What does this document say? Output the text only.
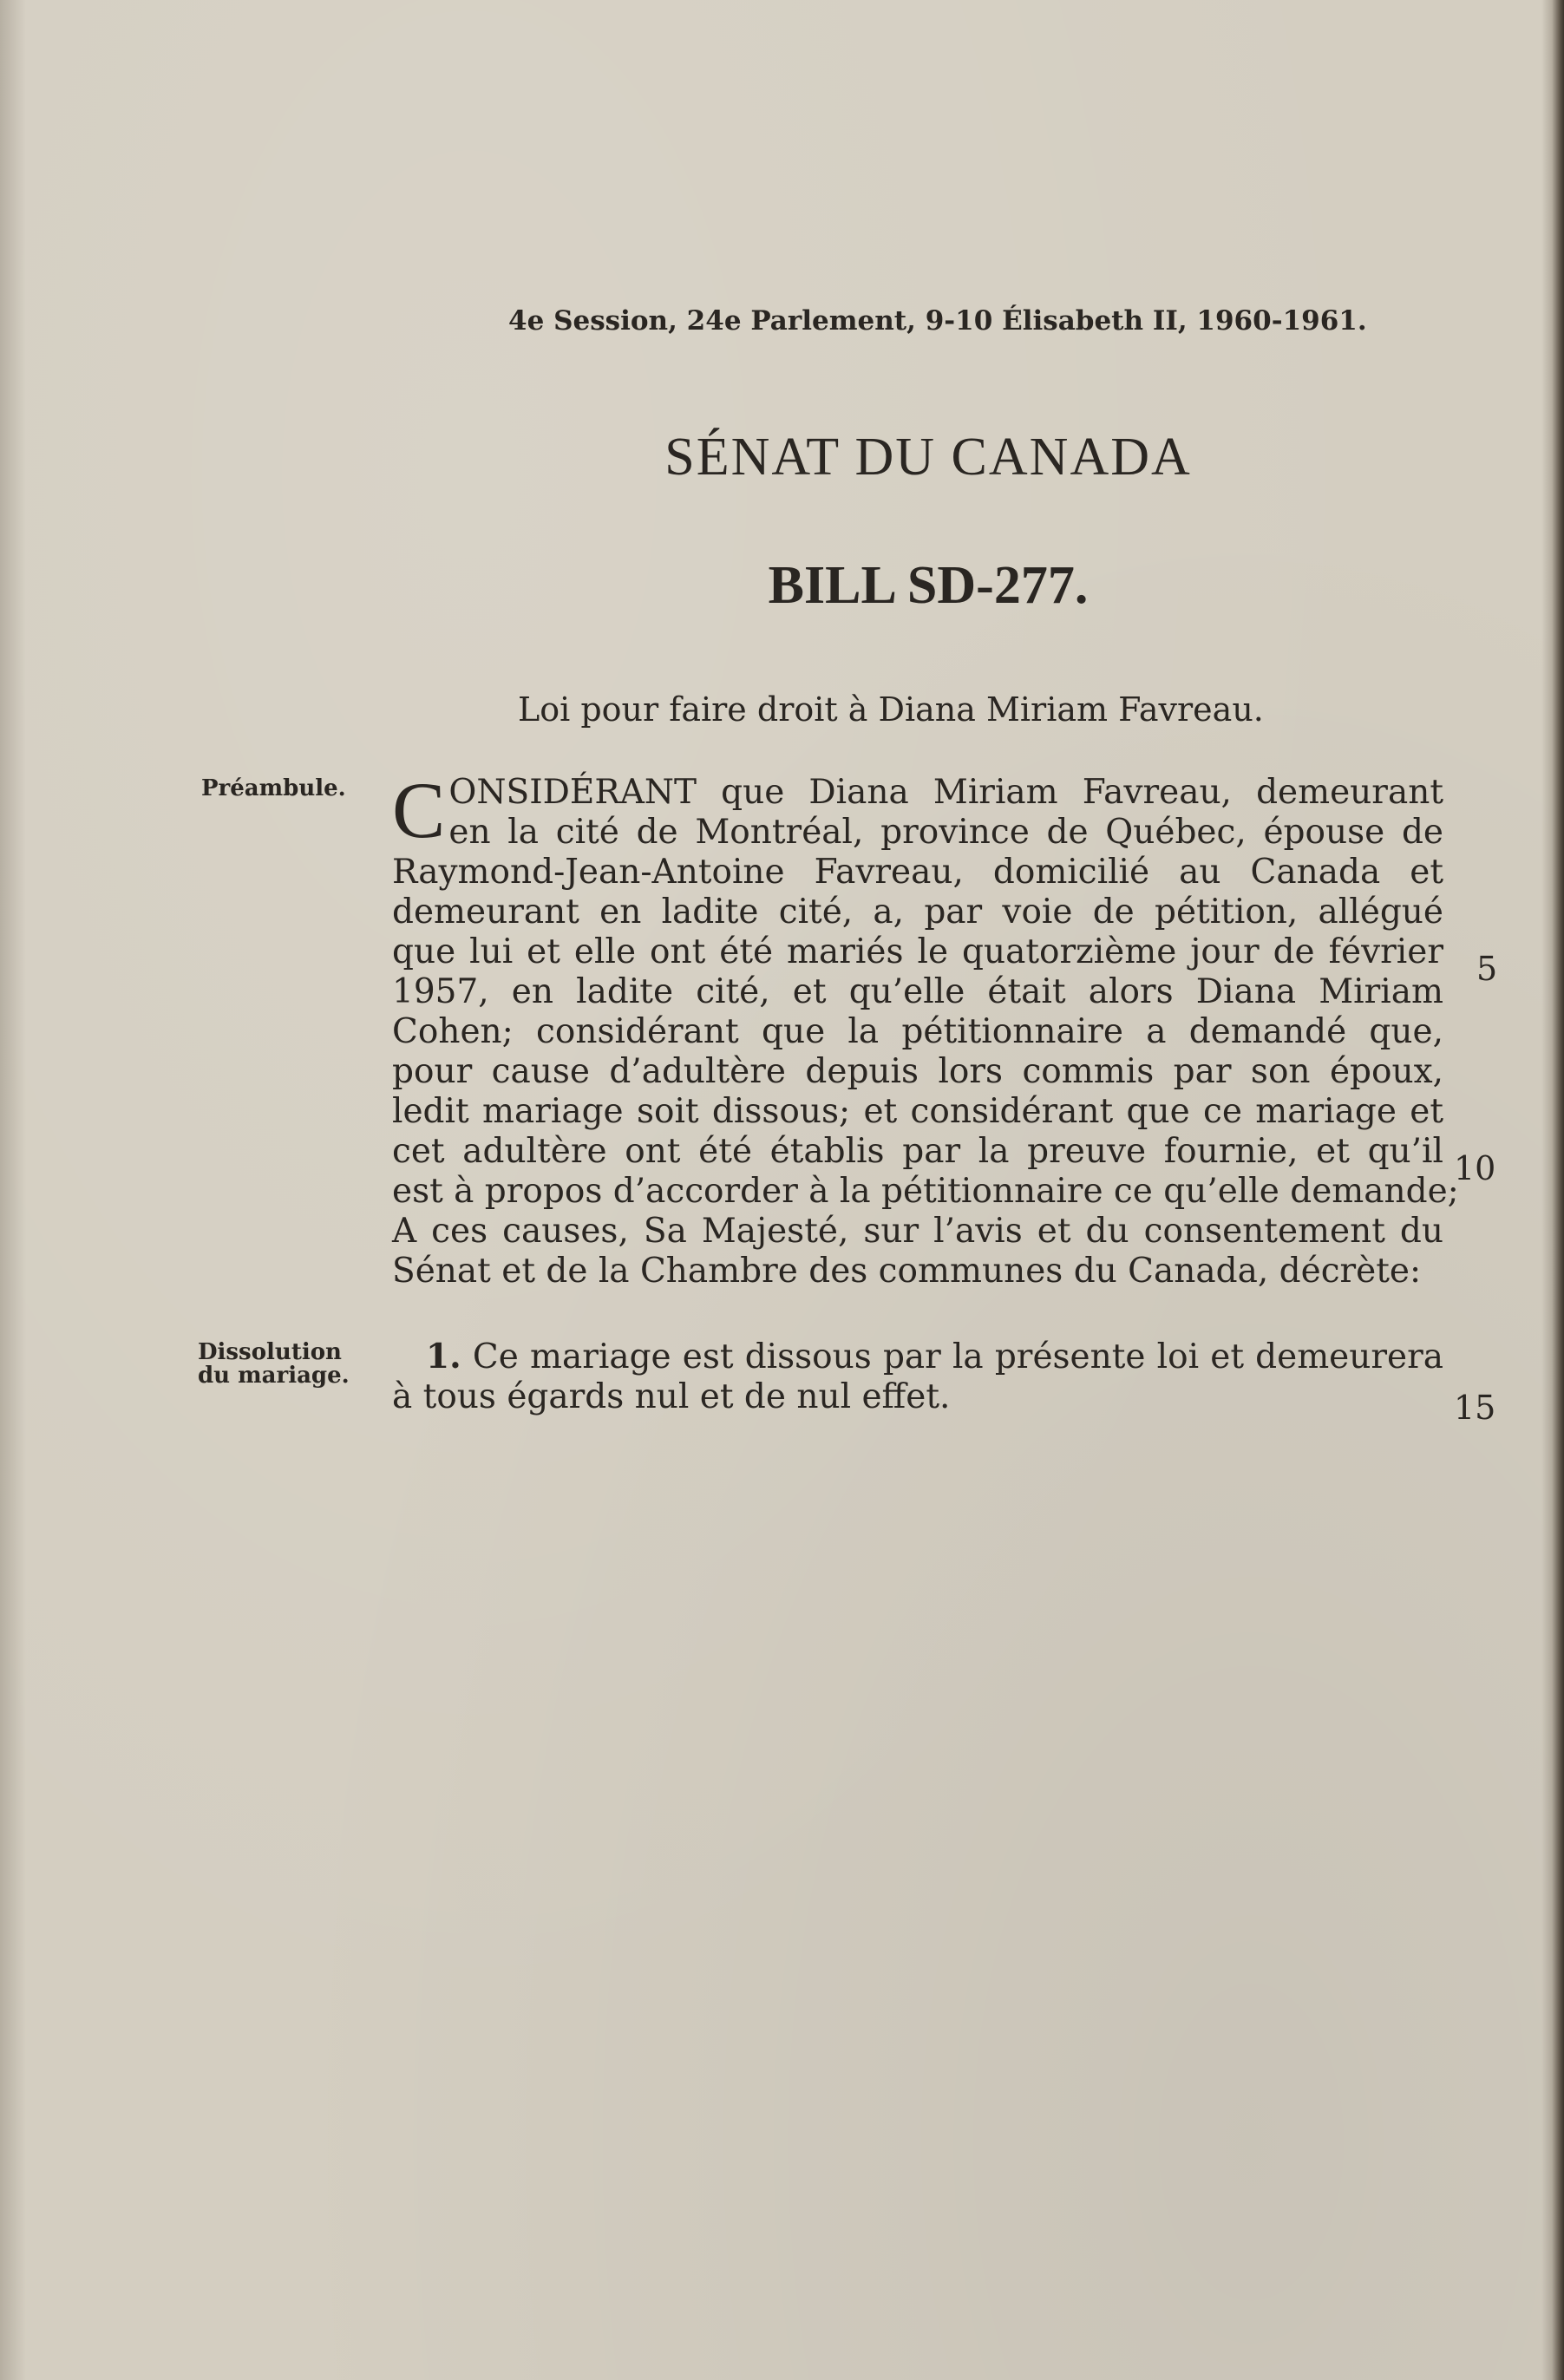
4e Session, 24e Parlement, 9-10 Élisabeth II, 1960-1961.
SÉNAT DU CANADA
BILL SD-277.
Loi pour faire droit à Diana Miriam Favreau.
Préambule.
Dissolution
du mariage.
C ONSIDÉRANT que Diana Miriam Favreau, demeurant
en la cité de Montréal, province de Québec, épouse de
Raymond-Jean-Antoine Favreau, domicilié au Canada et
demeurant en ladite cité, a, par voie de pétition, allégué
que lui et elle ont été mariés le quatorzième jour de février
1957, en ladite cité, et qu’elle était alors Diana Miriam
Cohen; considérant que la pétitionnaire a demandé que,
pour cause d’adultère depuis lors commis par son époux,
ledit mariage soit dissous; et considérant que ce mariage et
cet adultère ont été établis par la preuve fournie, et qu’il
est à propos d’accorder à la pétitionnaire ce qu’elle demande;
A ces causes, Sa Majesté, sur l’avis et du consentement du
Sénat et de la Chambre des communes du Canada, décrète:
 1. Ce mariage est dissous par la présente loi et demeurera
à tous égards nul et de nul effet.
5
10
15
